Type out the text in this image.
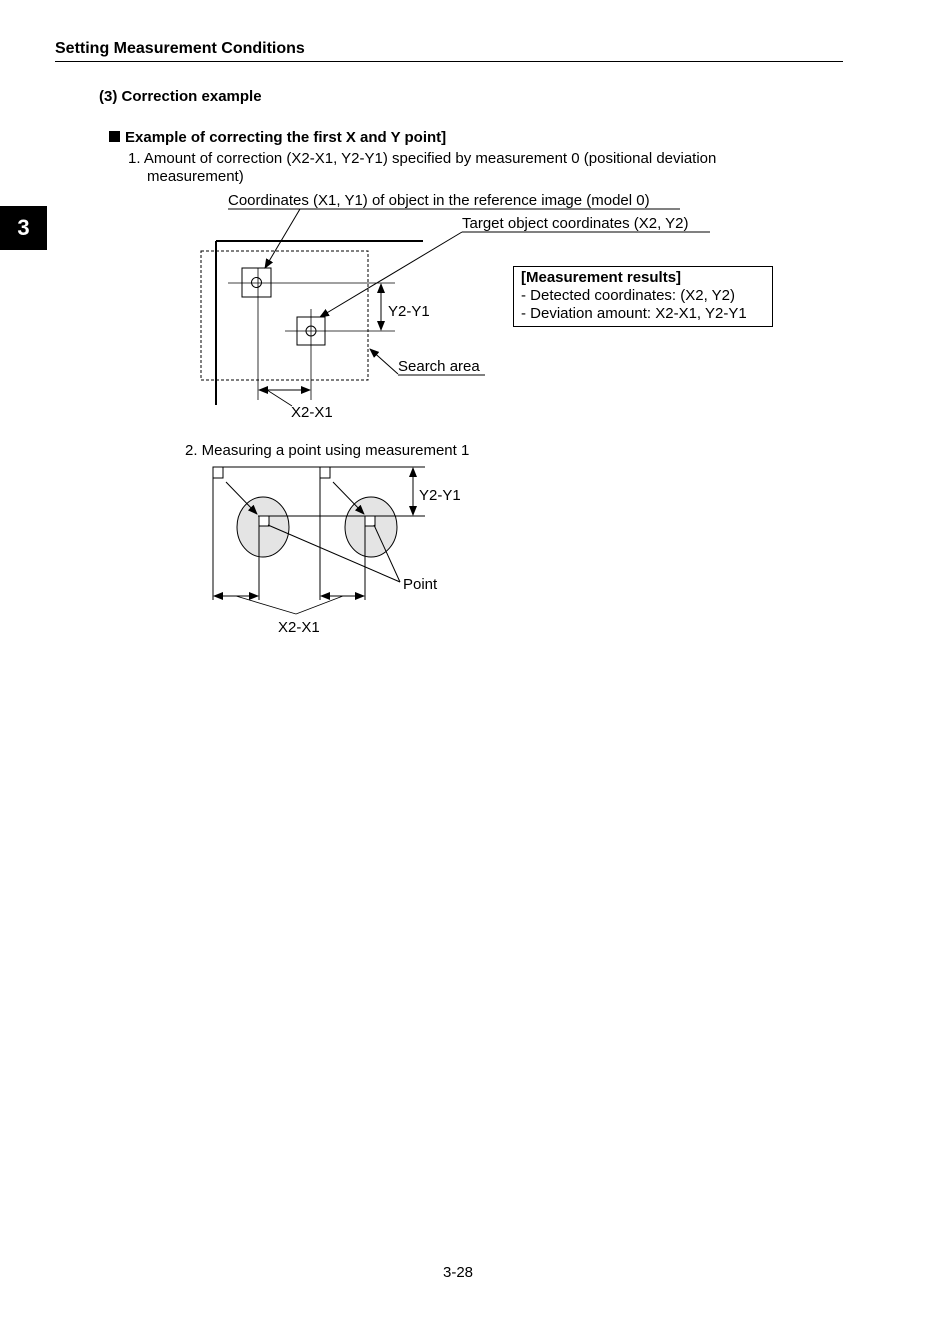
Setting Measurement Conditions
3
(3) Correction example
Example of correcting the first X and Y point]
1. Amount of correction (X2-X1, Y2-Y1) specified by measurement 0 (positional deviation
measurement)
Coordinates (X1, Y1) of object in the reference image (model 0)
Target object coordinates (X2, Y2)
Y2-Y1
Search area
X2-X1
2. Measuring a point using measurement 1
Y2-Y1
Point
X2-X1
[Measurement results]
- Detected coordinates: (X2, Y2)
- Deviation amount: X2-X1, Y2-Y1
3-28
